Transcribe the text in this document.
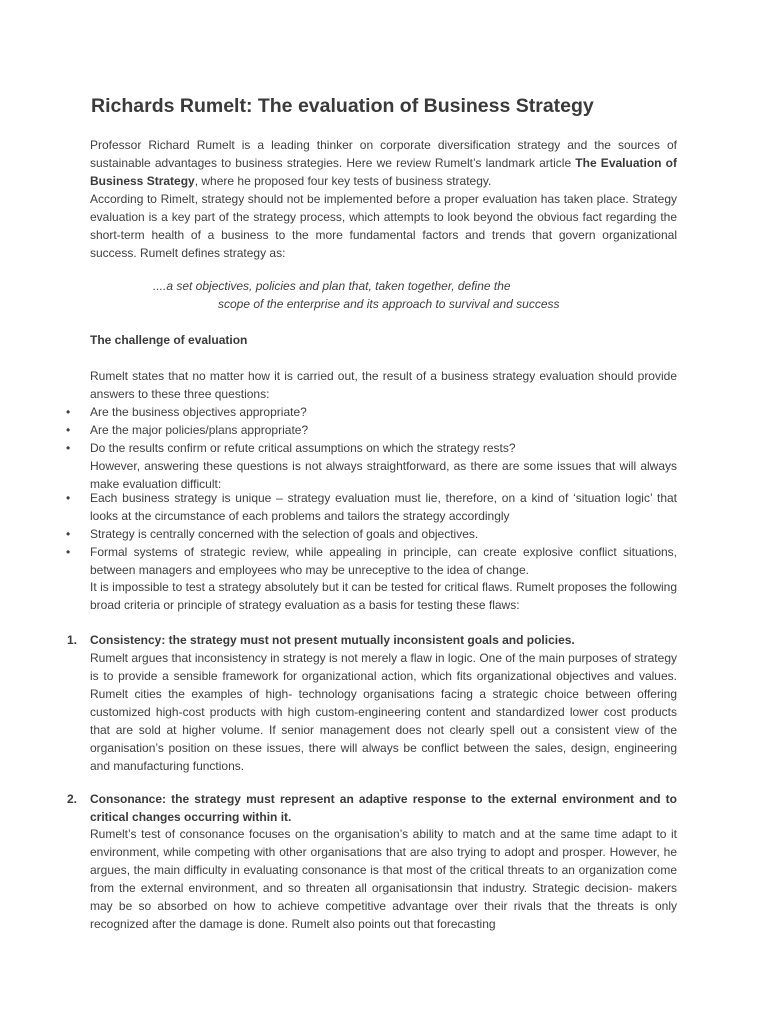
Richards Rumelt: The evaluation of Business Strategy

Professor Richard Rumelt is a leading thinker on corporate diversification strategy and the sources of sustainable advantages to business strategies. Here we review Rumelt’s landmark article The Evaluation of Business Strategy, where he proposed four key tests of business strategy.

According to Rimelt, strategy should not be implemented before a proper evaluation has taken place. Strategy evaluation is a key part of the strategy process, which attempts to look beyond the obvious fact regarding the short-term health of a business to the more fundamental factors and trends that govern organizational success. Rumelt defines strategy as:

....a set objectives, policies and plan that, taken together, define the

scope of the enterprise and its approach to survival and success

The challenge of evaluation

Rumelt states that no matter how it is carried out, the result of a business strategy evaluation should provide answers to these three questions:

• Are the business objectives appropriate?
• Are the major policies/plans appropriate?
• Do the results confirm or refute critical assumptions on which the strategy rests?

However, answering these questions is not always straightforward, as there are some issues that will always make evaluation difficult:

• Each business strategy is unique – strategy evaluation must lie, therefore, on a kind of ‘situation logic’ that looks at the circumstance of each problems and tailors the strategy accordingly
• Strategy is centrally concerned with the selection of goals and objectives.
• Formal systems of strategic review, while appealing in principle, can create explosive conflict situations, between managers and employees who may be unreceptive to the idea of change.

It is impossible to test a strategy absolutely but it can be tested for critical flaws. Rumelt proposes the following broad criteria or principle of strategy evaluation as a basis for testing these flaws:

1. Consistency: the strategy must not present mutually inconsistent goals and policies.

Rumelt argues that inconsistency in strategy is not merely a flaw in logic. One of the main purposes of strategy is to provide a sensible framework for organizational action, which fits organizational objectives and values. Rumelt cities the examples of high- technology organisations facing a strategic choice between offering customized high-cost products with high custom-engineering content and standardized lower cost products that are sold at higher volume. If senior management does not clearly spell out a consistent view of the organisation’s position on these issues, there will always be conflict between the sales, design, engineering and manufacturing functions.

2. Consonance: the strategy must represent an adaptive response to the external environment and to critical changes occurring within it.

Rumelt’s test of consonance focuses on the organisation’s ability to match and at the same time adapt to it environment, while competing with other organisations that are also trying to adopt and prosper. However, he argues, the main difficulty in evaluating consonance is that most of the critical threats to an organization come from the external environment, and so threaten all organisationsin that industry. Strategic decision- makers may be so absorbed on how to achieve competitive advantage over their rivals that the threats is only recognized after the damage is done. Rumelt also points out that forecasting
